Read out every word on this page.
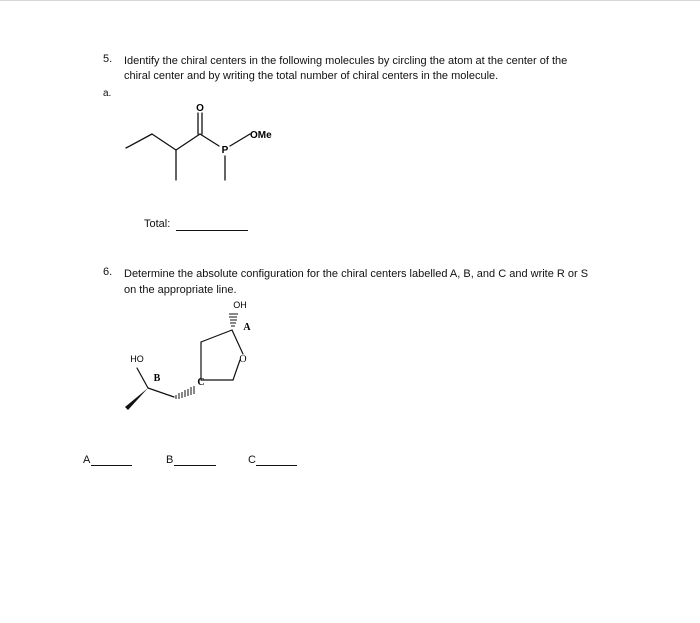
5. Identify the chiral centers in the following molecules by circling the atom at the center of the
chiral center and by writing the total number of chiral centers in the molecule.
a.
O
P
OMe
Total:
6. Determine the absolute configuration for the chiral centers labelled A, B, and C and write R or S
on the appropriate line.
OH
A
HO
B	C
O
A	B	C
